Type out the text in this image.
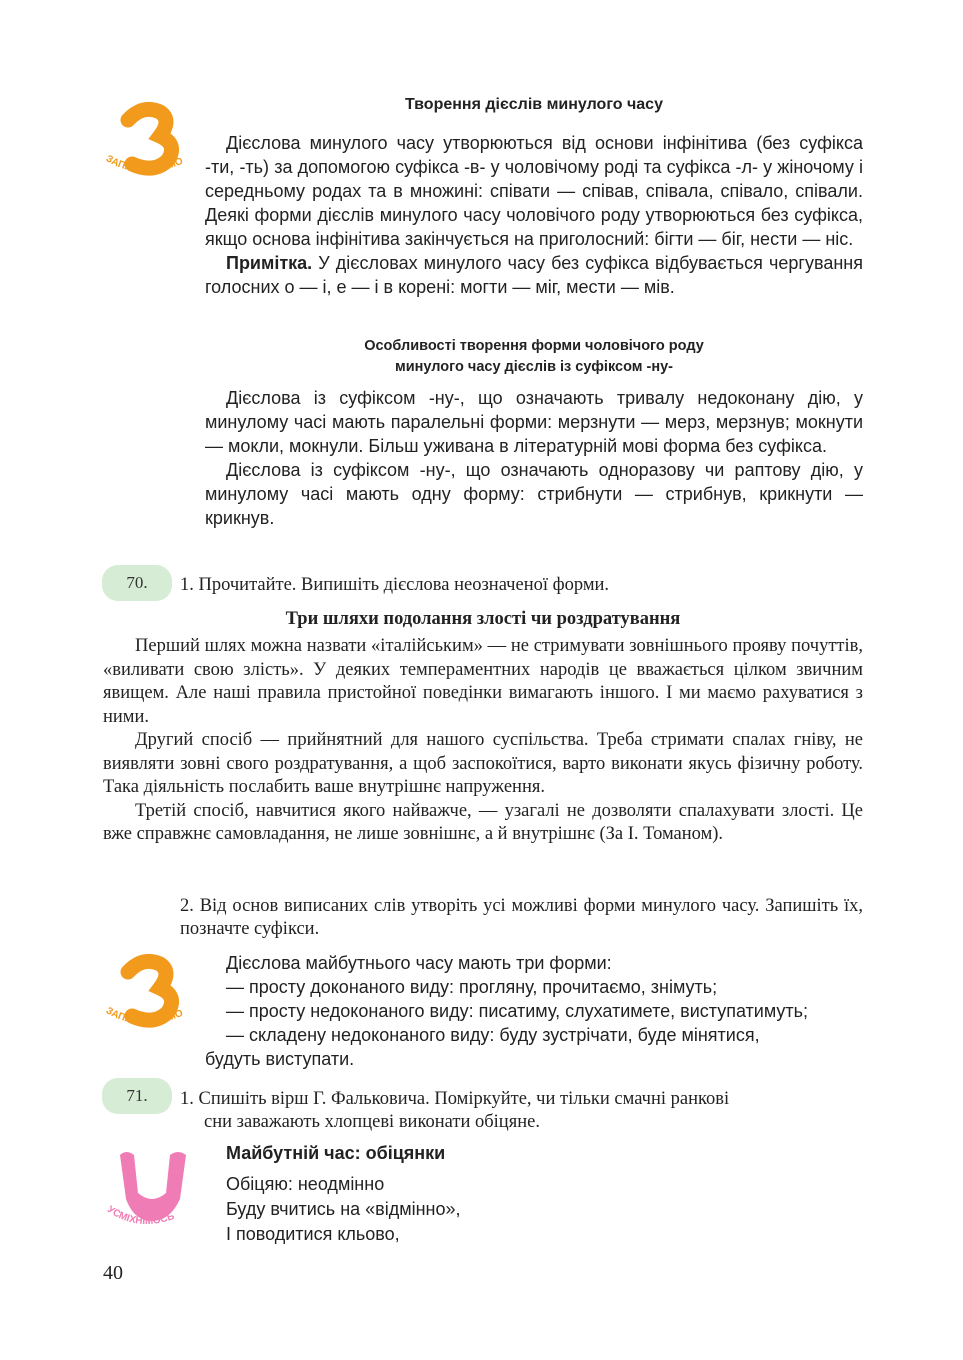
ЗАПАМ'ЯТАЙМО
Творення дієслів минулого часу

Дієслова минулого часу утворюються від основи інфінітива (без суфікса -ти, -ть) за допомогою суфікса -в- у чоловічому роді та суфікса -л- у жіночому і середньому родах та в множині: співати — співав, співала, співало, співали. Деякі форми дієслів минулого часу чоловічого роду утворюються без суфікса, якщо основа інфінітива закінчується на приголосний: бігти — біг, нести — ніс.

Примітка. У дієсловах минулого часу без суфікса відбувається чергування голосних о — і, е — і в корені: могти — міг, мести — мів.

Особливості творення форми чоловічого роду
минулого часу дієслів із суфіксом -ну-

Дієслова із суфіксом -ну-, що означають тривалу недоконану дію, у минулому часі мають паралельні форми: мерзнути — мерз, мерзнув; мокнути — мокли, мокнули. Більш уживана в літературній мові форма без суфікса.

Дієслова із суфіксом -ну-, що означають одноразову чи раптову дію, у минулому часі мають одну форму: стрибнути — стрибнув, крикнути — крикнув.

70.	1. Прочитайте. Випишіть дієслова неозначеної форми.
Три шляхи подолання злості чи роздратування

Перший шлях можна назвати «італійським» — не стримувати зовнішнього прояву почуттів, «виливати свою злість». У деяких темпераментних народів це вважається цілком звичним явищем. Але наші правила пристойної поведінки вимагають іншого. І ми маємо рахуватися з ними.

Другий спосіб — прийнятний для нашого суспільства. Треба стримати спалах гніву, не виявляти зовні свого роздратування, а щоб заспокоїтися, варто виконати якусь фізичну роботу. Така діяльність послабить ваше внутрішнє напруження.

Третій спосіб, навчитися якого найважче, — узагалі не дозволяти спалахувати злості. Це вже справжнє самовладання, не лише зовнішнє, а й внутрішнє (За І. Томаном).

2. Від основ виписаних слів утворіть усі можливі форми минулого часу. Запишіть їх, позначте суфікси.
ЗАПАМ'ЯТАЙМО
Дієслова майбутнього часу мають три форми:
— просту доконаного виду: прогляну, прочитаємо, знімуть;
— просту недоконаного виду: писатиму, слухатимете, виступатимуть;
— складену недоконаного виду: буду зустрічати, буде мінятися,
будуть виступати.
71.	1. Спишіть вірш Г. Фальковича. Поміркуйте, чи тільки смачні ранкові
сни заважають хлопцеві виконати обіцяне.
УСМІХНІМОСЬ
Майбутній час: обіцянки
Обіцяю: неодмінно
Буду вчитись на «відмінно»,
І поводитися кльово,
40
